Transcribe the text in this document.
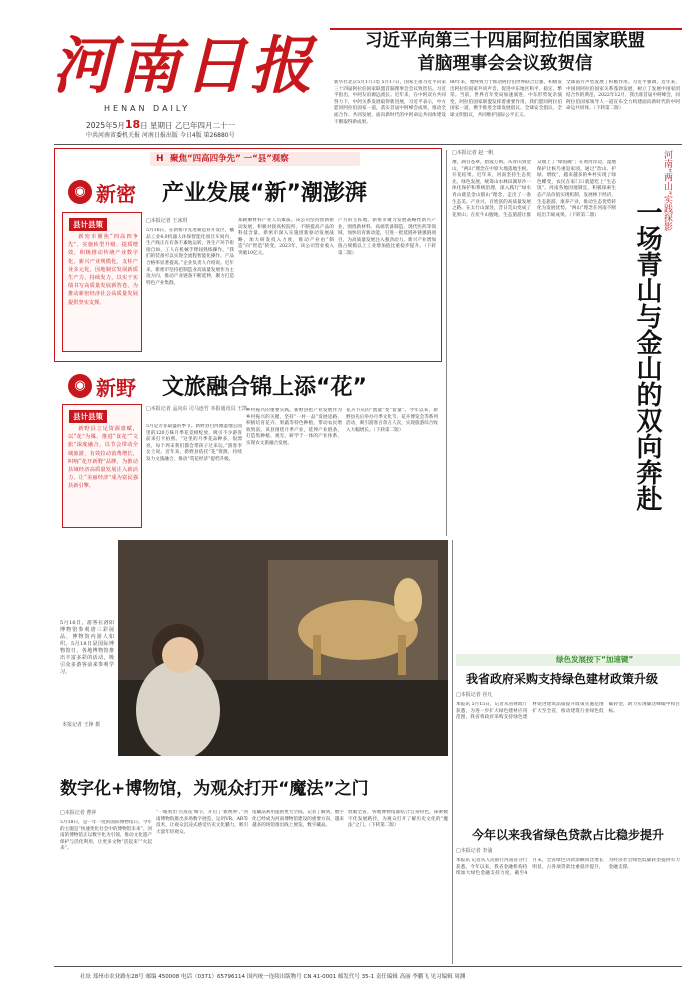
河南日报
HENAN DAILY
2025年5月18日 星期日 乙巳年四月二十一
中共河南省委机关报 河南日报出版 今日4版 第26880号
习近平向第三十四届阿拉伯国家联盟
首脑理事会会议致贺信
新华社北京5月17日电 5月17日，国家主席习近平向第三十四届阿拉伯国家联盟首脑理事会会议致贺信。习近平指出，中阿友谊源远流长。近年来，在中阿双方共同努力下，中阿关系发展取得新进展，习近平表示，中方愿同阿拉伯国家一道，落实首届中阿峰会成果，推动全面合作、共同发展、面向新时代的中阿命运共同体建设不断取得新成果。
80年来，始终致力于推动阿拉伯世界联合自强，积极发出阿拉伯国家共同声音，促进中东地区和平、稳定、繁荣。当前，世界百年变局加速演进，中东形势复杂演变，阿拉伯国家联盟发挥着重要作用。我们愿同阿拉伯国家一道，携手推进全球发展倡议、全球安全倡议、全球文明倡议，共同维护国际公平正义。
全球南方声势发展了积极作用。习近平强调，近年来，中国同阿拉伯国家关系蓬勃发展，树立了发展中国家团结合作的典范。2022年12月，我出席首届中阿峰会，同阿拉伯国家领导人一道宣布全力构建面向新时代的中阿命运共同体。（下转第二版）
H 聚焦“四高四争先” 一“县”观察
◉ 新密 产业发展“新”潮澎湃
县计县策
新密市聚焦“四高四争先”，实施转型升级、提质增效，积极推动传统产业数字化，新兴产业规模化，支柱产业多元化，因地制宜发展新质生产力，持续发力，以实干实绩书写高质量发展新答卷，为推动新密经济社会高质量发展提供坚实支撑。
□本报记者 王冰玥
5月16日，在新密市先进制造业开发区，橘品工业4.0机器人环保智能化项目车间内，生产线正在有条不紊地运转，各生产环节衔接自如，工人在机械手臂间熟练操作。“我们的装备可以实现全流程智能化操作，产品合格率显著提高。”企业负责人介绍说。近年来，新密市坚持把制造业高质量发展作为主攻方向，推动产业链条不断延伸，聚力打造特色产业集群。
郑耐磨材料产业人员素质。该公司坚持创新驱动发展，积极对接高校院所，不断提高产品的科技含量。新密市深入实施创新驱动发展战略，加大研发投入力度，推动产业由“制造”向“智造”转变。2023年，该公司营业收入突破10亿元。
产力的主阵地。新密市聚力发展战略性新兴产业，围绕新材料、高端装备制造、现代医药等领域，加快培育新动能，引进一批延链补链强链项目，为高质量发展注入强劲动力。新兴产业增加值占规模以上工业增加值比重稳步提升。（下转第二版）
◉ 新野 文旅融合锦上添“花”
县计县策
新野县立足资源禀赋，以“花”为媒，推进“食花”“文旅”深度融合，以节会带动全域旅游，有效拉动消费增长，叫响“花开新野”品牌，为推动县域经济高质量发展注入新活力，让“美丽经济”成为富民强县新引擎。
□本报记者 孟向东 司马连竹 本报通讯员 王凯
5月是芳菲最盛的季节。新野县白河滩湿地公园里的120万株月季花竞相绽放，吸引不少游客前来打卡拍照。“这里的月季花品种多，很漂亮，每个周末我们都会带孩子过来玩。”游客李女士说。近年来，新野县依托“花”资源，持续发力文旅融合，推动“赏花经济”提档升级。
乡村振兴的重要实践。新野县把产业发展作为乡村振兴的关键，坚持“一村一品”发展思路，积极培育花卉、果蔬等特色种植，带动农民增收致富。该县围绕月季产业，延伸产业链条，打造集种植、观光、研学于一体的产业体系，实现农文旅融合发展。
花卉节庆的“流量”变“留量”。今年以来，新野县先后举办月季文化节、花卉博览会等系列活动，吸引游客百余万人次，实现旅游综合收入大幅增长。（下转第二版）
河南“两山”实践探影
一场青山与金山的双向奔赴
□本报记者 赵一帆
豫，满目苍翠，碧波万顷。从青山到金山，“两山”理念在中原大地落地生根、开花结果。近年来，河南坚持生态优先、绿色发展，统筹山水林田湖草沙一体化保护和系统治理，深入践行“绿水青山就是金山银山”理念，走出了一条生态美、产业兴、百姓富的高质量发展之路。在太行山深处，昔日荒山变成了花果山；在伏牛山腹地，生态旅游让群众端上了“绿饭碗”；在黄河岸边，湿地保护让候鸟重返家园。通过“治山、护绿、增收”，越来越多的乡村实现了绿色蝶变，农民在家门口就能吃上“生态饭”。河南各地因地制宜，积极探索生态产品价值实现机制，发展林下经济、生态旅游、康养产业，推动生态优势转化为发展优势。“两山”理念在河南不断结出丰硕成果。（下转第二版）
5月16日，游客在洛阳博物馆参观唐三彩展品，博物馆内游人如织。5月18日是国际博物馆日，各地博物馆推出丰富多彩的活动，吸引众多游客前来参观学习。
本报记者 王铮 摄
数字化+博物馆，为观众打开“魔法”之门
□本报记者 曹萍
5月18日，是一年一度的国际博物馆日。今年的主题是“快速变化社会中的博物馆未来”。河南的博物馆正以数字化为引领，推动文化遗产保护与活化利用，让更多文物“活起来”“火起来”。
“一眼看出‘古莲花’细节，开启了‘新视界’。”河南博物院推出多场数字展览，运用VR、AR等技术，让观众沉浸式感受历史文化魅力，吸引大量年轻观众。
馆藏品利用提供更大空间。记者了解到，数字化已经成为河南博物馆建设的重要方向，越来越多的场馆推出线上展览、数字藏品。
放眼全省，各地博物馆都结合自身特色，探索数字化发展路径，为观众打开了解历史文化的“魔法”之门。（下转第二版）
绿色发展按下“加速键”
我省政府采购支持绿色建材政策升级
□本报记者 谷凡
本报讯 5月15日，记者从省财政厅获悉，为进一步扩大绿色建材应用范围，我省将政府采购支持绿色建材促进建筑品质提升政策实施范围扩大至全省，推动建筑行业绿色低碳转型，助力实现碳达峰碳中和目标。
今年以来我省绿色贷款占比稳步提升
□本报记者 李浦
本报讯 记者从人民银行河南省分行获悉，今年以来，我省金融机构持续加大绿色金融支持力度，截至4月末，全省绿色贷款余额同比增长明显，占各项贷款比重稳步提升，为经济社会绿色低碳转型提供有力金融支撑。
社址 郑州市农业路东28号 邮编 450008 电话（0371）65796114 国内统一连续出版物号 CN 41-0001 邮发代号 35-1 责任编辑 高丽 李鹏飞 见习编辑 周渊
